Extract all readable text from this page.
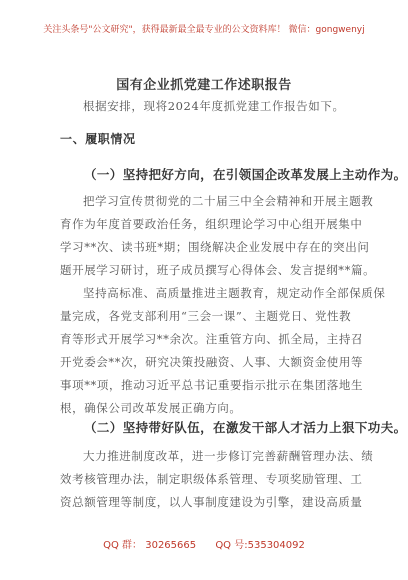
关注头条号"公文研究"，获得最新最全最专业的公文资料库！ 微信：gongwenyj
国有企业抓党建工作述职报告
根据安排，现将2024年度抓党建工作报告如下。
一、履职情况
（一）坚持把好方向，在引领国企改革发展上主动作为。
把学习宣传贯彻党的二十届三中全会精神和开展主题教
育作为年度首要政治任务，组织理论学习中心组开展集中
学习**次、读书班*期；围绕解决企业发展中存在的突出问
题开展学习研讨，班子成员撰写心得体会、发言提纲**篇。
坚持高标准、高质量推进主题教育，规定动作全部保质保
量完成，各党支部利用“三会一课”、主题党日、党性教
育等形式开展学习**余次。注重管方向、抓全局，主持召
开党委会**次，研究决策投融资、人事、大额资金使用等
事项**项，推动习近平总书记重要指示批示在集团落地生
根，确保公司改革发展正确方向。
（二）坚持带好队伍，在激发干部人才活力上狠下功夫。
大力推进制度改革，进一步修订完善薪酬管理办法、绩
效考核管理办法，制定职级体系管理、专项奖励管理、工
资总额管理等制度，以人事制度建设为引擎，建设高质量
QQ 群： 30265665 QQ 号:535304092
